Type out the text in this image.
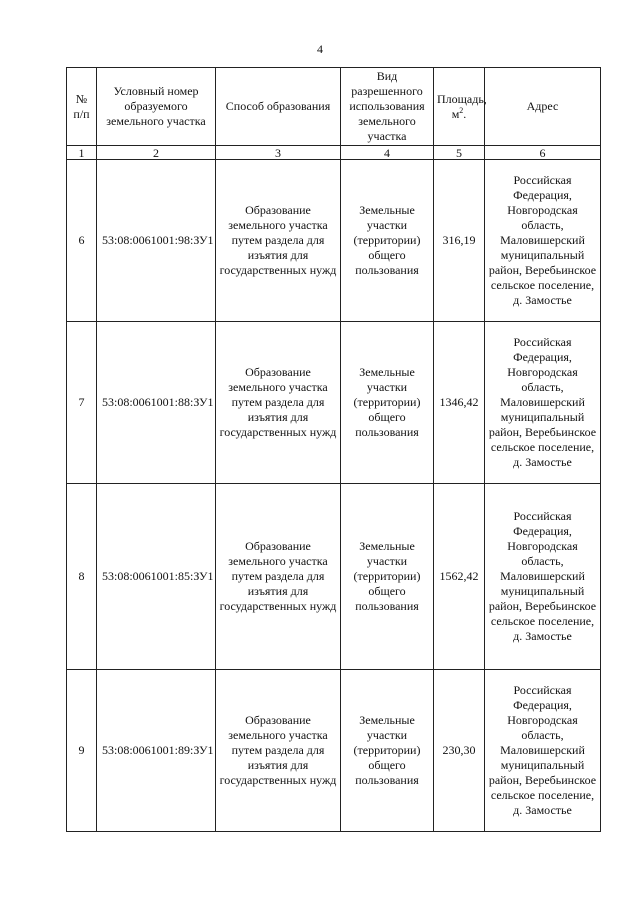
4
№ п/п	Условный номер образуемого земельного участка	Способ образования	Вид разрешенного использования земельного участка	Площадь, $м^2$.	Адрес
1	2	3	4	5	6
6	53:08:0061001:98:ЗУ1	Образование земельного участка путем раздела для изъятия для государственных нужд	Земельные участки (территории) общего пользования	316,19	Российская Федерация, Новгородская область, Маловишерский муниципальный район, Веребьинское сельское поселение, д. Замостье
7	53:08:0061001:88:ЗУ1	Образование земельного участка путем раздела для изъятия для государственных нужд	Земельные участки (территории) общего пользования	1346,42	Российская Федерация, Новгородская область, Маловишерский муниципальный район, Веребьинское сельское поселение, д. Замостье
8	53:08:0061001:85:ЗУ1	Образование земельного участка путем раздела для изъятия для государственных нужд	Земельные участки (территории) общего пользования	1562,42	Российская Федерация, Новгородская область, Маловишерский муниципальный район, Веребьинское сельское поселение, д. Замостье
9	53:08:0061001:89:ЗУ1	Образование земельного участка путем раздела для изъятия для государственных нужд	Земельные участки (территории) общего пользования	230,30	Российская Федерация, Новгородская область, Маловишерский муниципальный район, Веребьинское сельское поселение, д. Замостье
